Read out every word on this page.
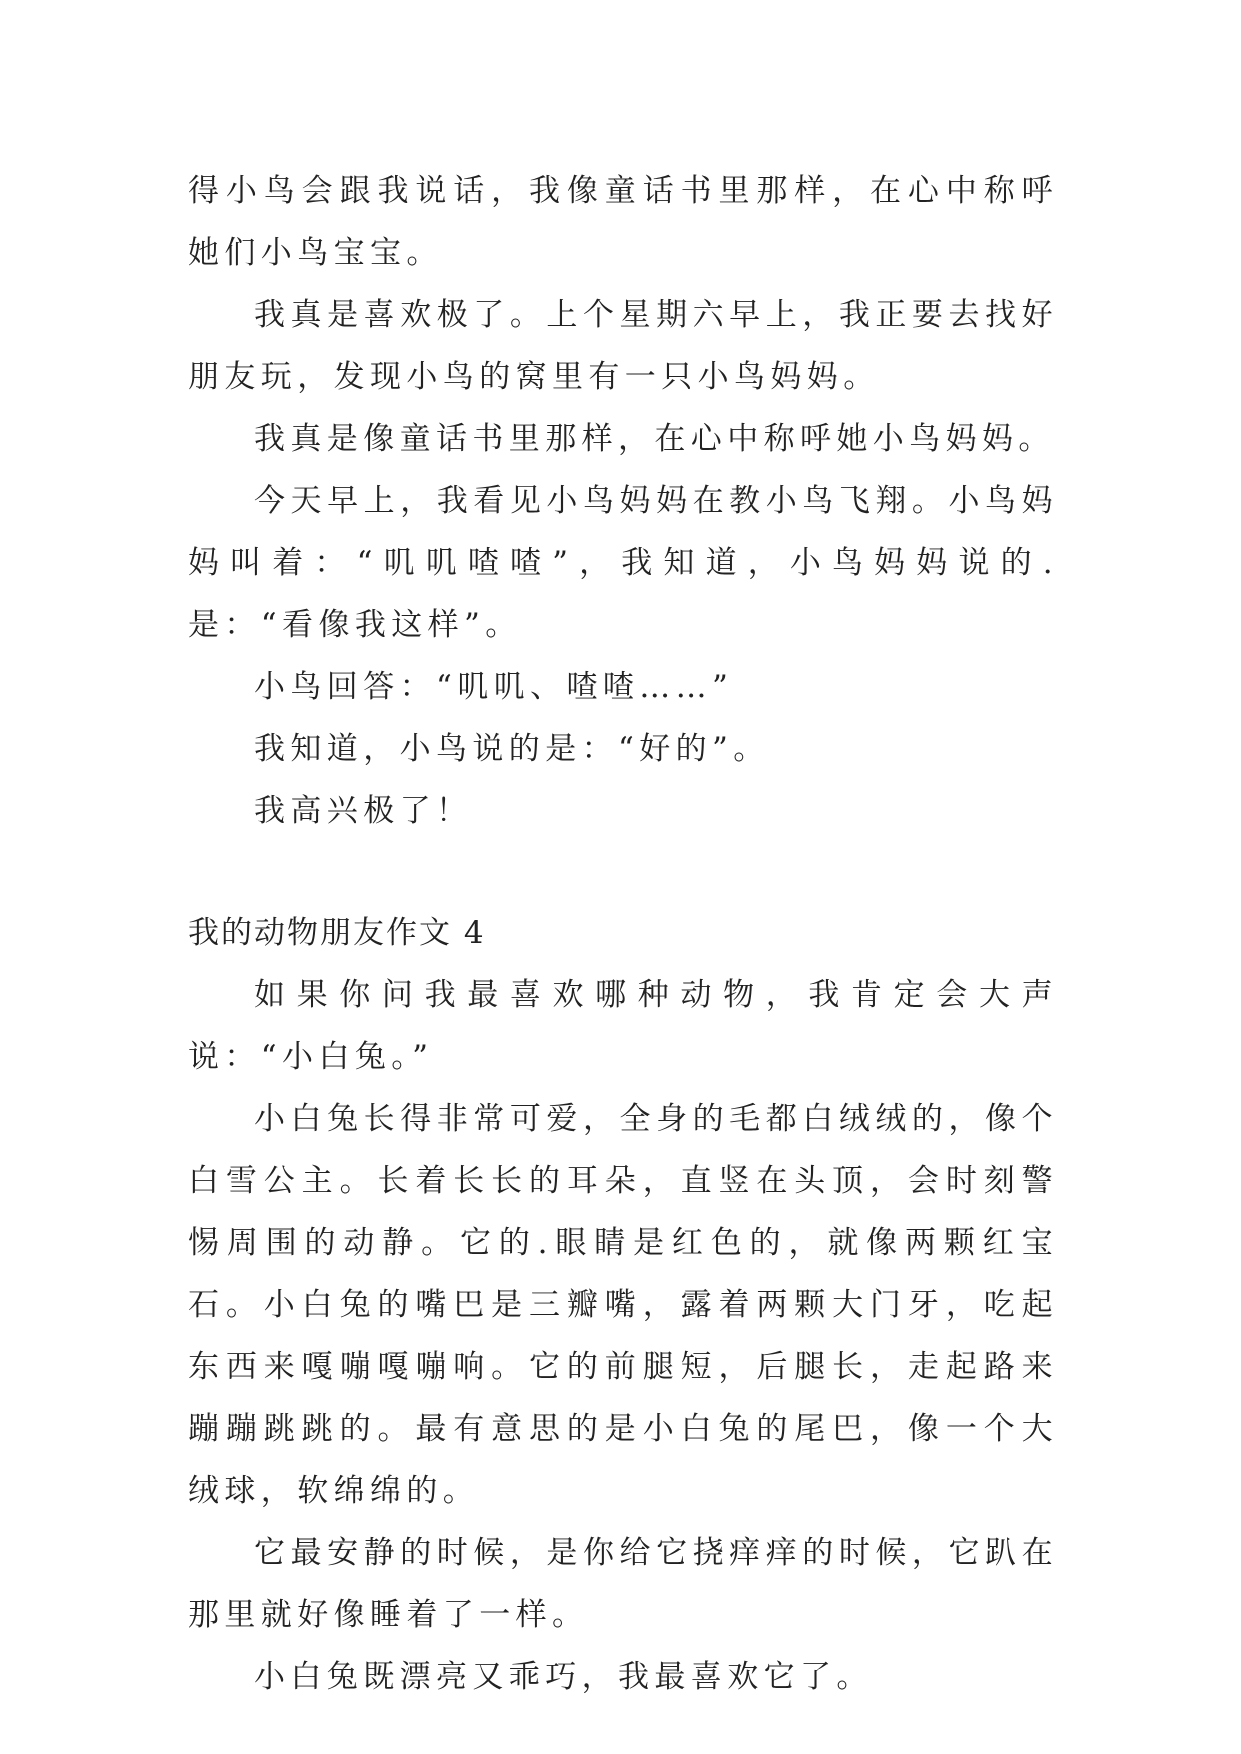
得小鸟会跟我说话，我像童话书里那样，在心中称呼她们小鸟宝宝。

我真是喜欢极了。上个星期六早上，我正要去找好朋友玩，发现小鸟的窝里有一只小鸟妈妈。

我真是像童话书里那样，在心中称呼她小鸟妈妈。

今天早上，我看见小鸟妈妈在教小鸟飞翔。小鸟妈妈叫着：“叽叽喳喳”，我知道，小鸟妈妈说的.是：“看像我这样”。

小鸟回答：“叽叽、喳喳……”

我知道，小鸟说的是：“好的”。

我高兴极了！

我的动物朋友作文 4

如果你问我最喜欢哪种动物，我肯定会大声说：“小白兔。”

小白兔长得非常可爱，全身的毛都白绒绒的，像个白雪公主。长着长长的耳朵，直竖在头顶，会时刻警惕周围的动静。它的.眼睛是红色的，就像两颗红宝石。小白兔的嘴巴是三瓣嘴，露着两颗大门牙，吃起东西来嘎嘣嘎嘣响。它的前腿短，后腿长，走起路来蹦蹦跳跳的。最有意思的是小白兔的尾巴，像一个大绒球，软绵绵的。

它最安静的时候，是你给它挠痒痒的时候，它趴在那里就好像睡着了一样。

小白兔既漂亮又乖巧，我最喜欢它了。
